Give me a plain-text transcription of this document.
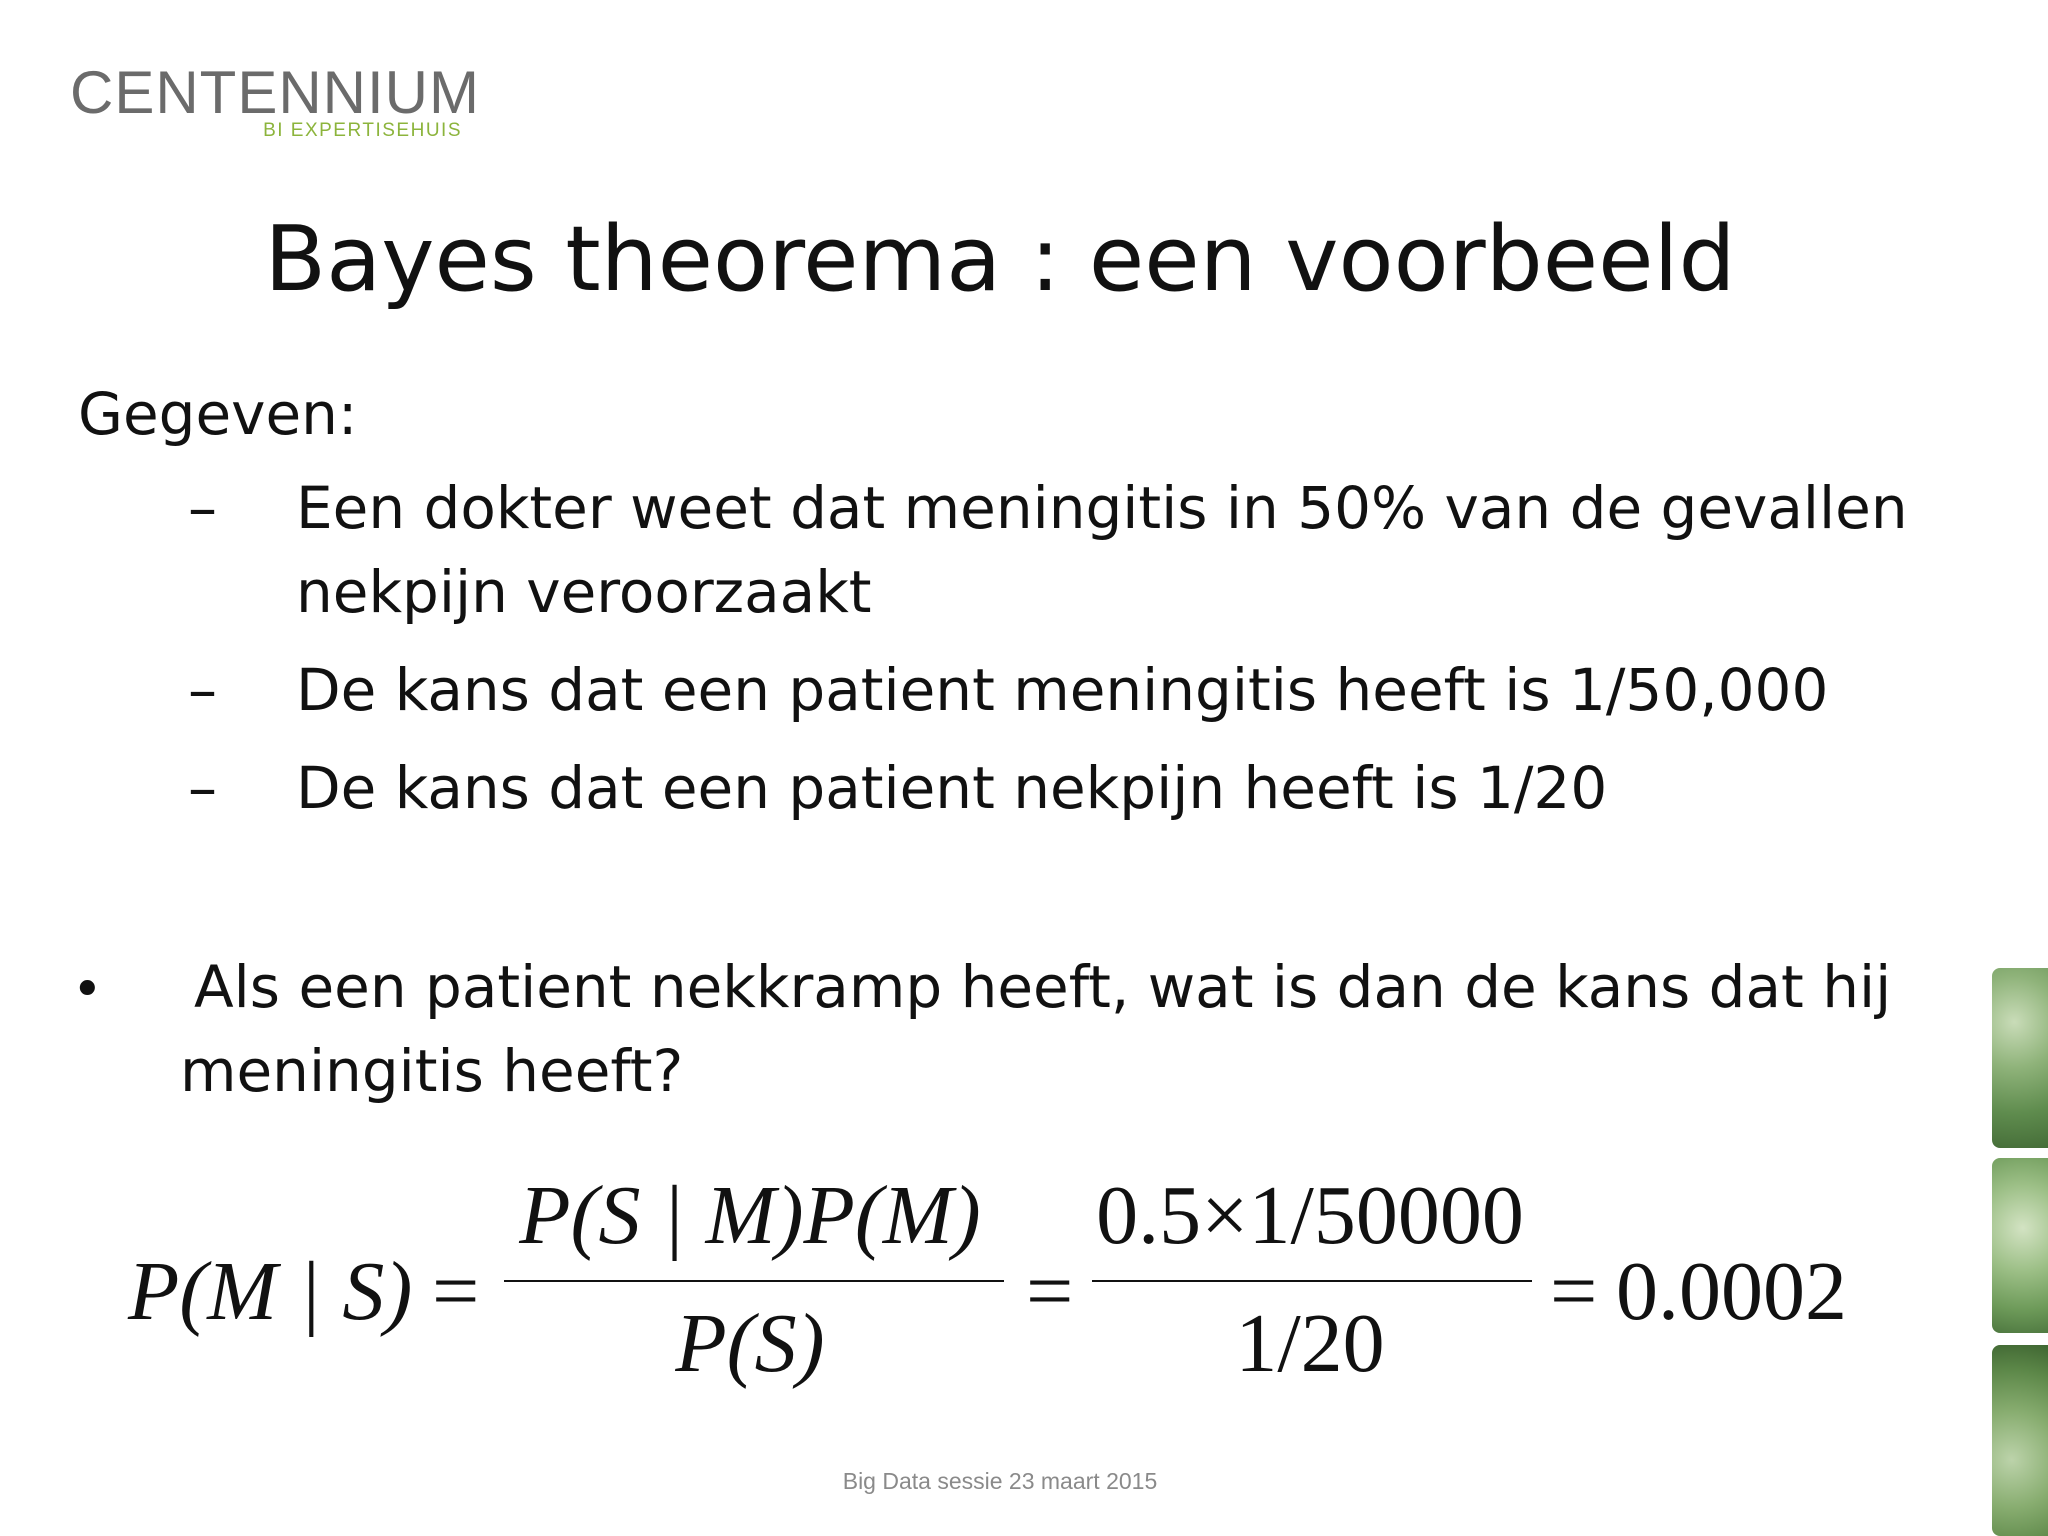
CENTENNIUM
BI EXPERTISEHUIS
Bayes theorema : een voorbeeld
Gegeven:
–	Een dokter weet dat meningitis in 50% van de gevallen
nekpijn veroorzaakt
–	De kans dat een patient meningitis heeft is 1/50,000
–	De kans dat een patient nekpijn heeft is 1/20
• Als een patient nekkramp heeft, wat is dan de kans dat hij
meningitis heeft?
P(M | S) =
P(S | M)P(M)
P(S)
=
0.5×1/50000
1/20
= 0.0002
Big Data sessie 23 maart 2015
